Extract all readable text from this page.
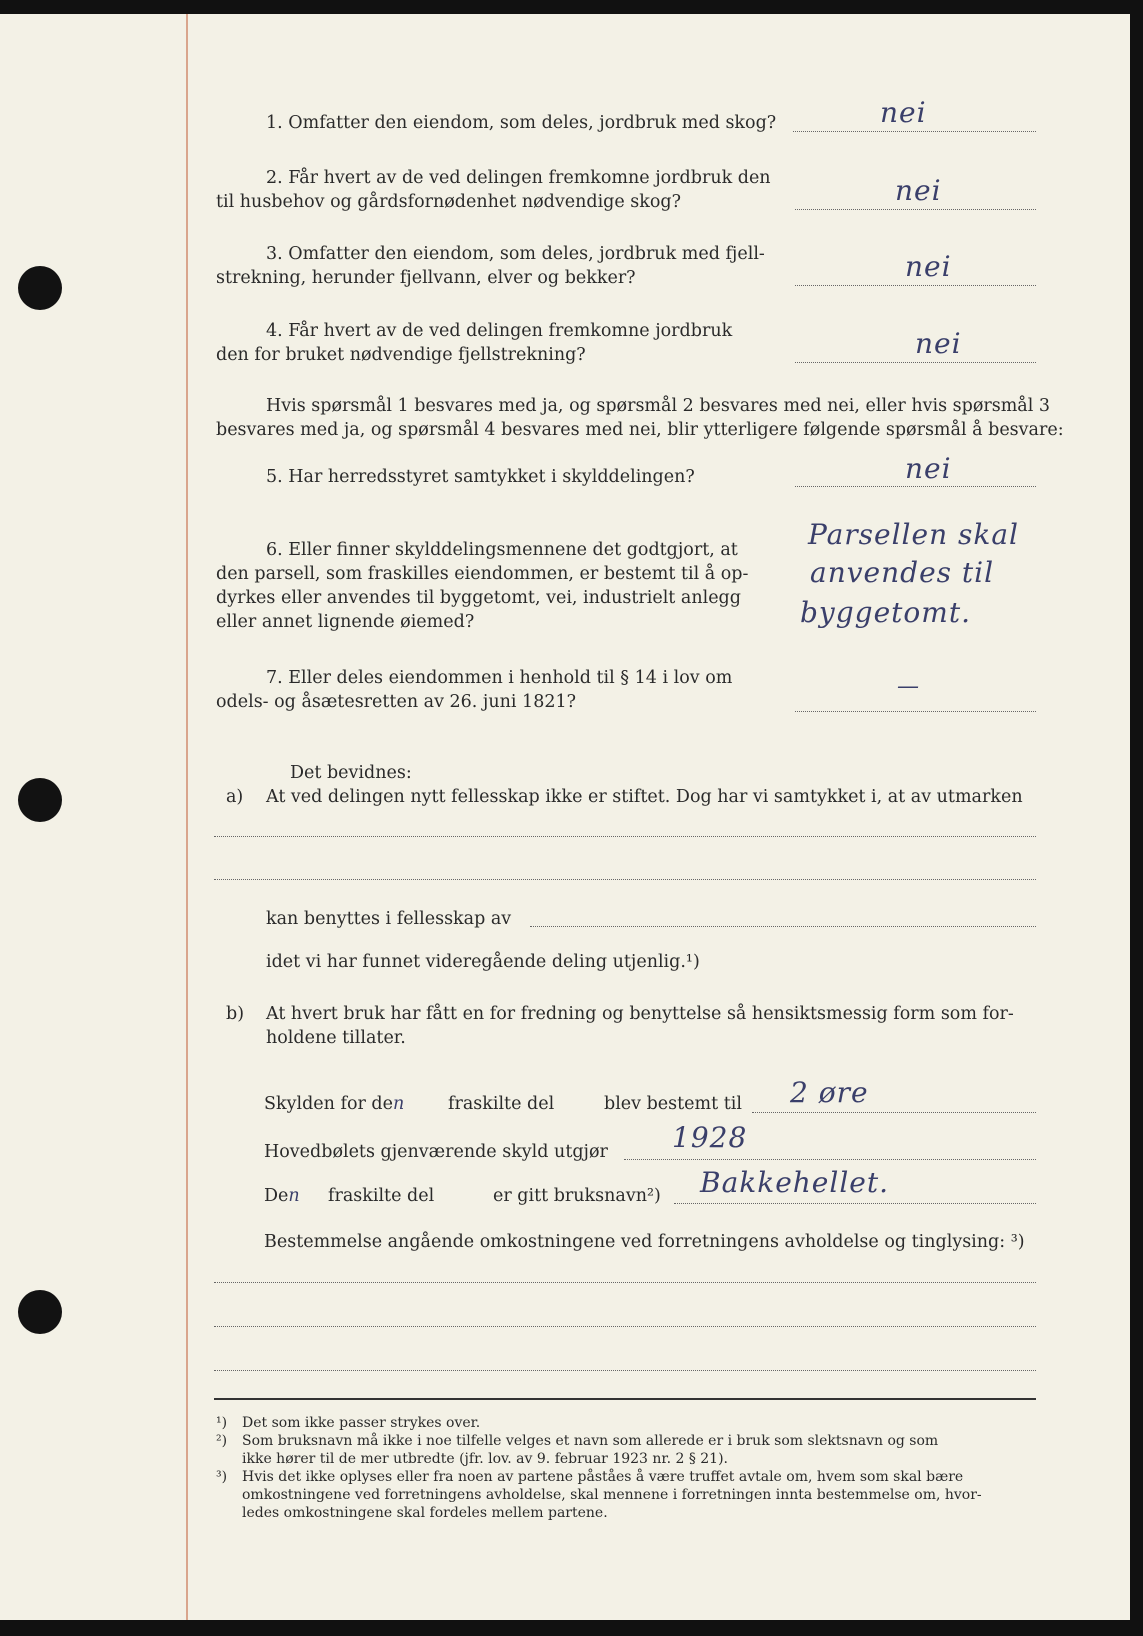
1. Omfatter den eiendom, som deles, jordbruk med skog?	nei
2. Får hvert av de ved delingen fremkomne jordbruk den
til husbehov og gårdsfornødenhet nødvendige skog?	nei
3. Omfatter den eiendom, som deles, jordbruk med fjell-
strekning, herunder fjellvann, elver og bekker?	nei
4. Får hvert av de ved delingen fremkomne jordbruk
den for bruket nødvendige fjellstrekning?	nei
Hvis spørsmål 1 besvares med ja, og spørsmål 2 besvares med nei, eller hvis spørsmål 3
besvares med ja, og spørsmål 4 besvares med nei, blir ytterligere følgende spørsmål å besvare:
5. Har herredsstyret samtykket i skylddelingen?	nei
6. Eller finner skylddelingsmennene det godtgjort, at
den parsell, som fraskilles eiendommen, er bestemt til å op-
dyrkes eller anvendes til byggetomt, vei, industrielt anlegg
eller annet lignende øiemed?
Parsellen skal
anvendes til
byggetomt.
7. Eller deles eiendommen i henhold til § 14 i lov om
odels- og åsætesretten av 26. juni 1821?
—
Det bevidnes:
a) At ved delingen nytt fellesskap ikke er stiftet. Dog har vi samtykket i, at av utmarken
kan benyttes i fellesskap av
idet vi har funnet videregående deling utjenlig.¹)
b) At hvert bruk har fått en for fredning og benyttelse så hensiktsmessig form som for-
holdene tillater.
Skylden for den	fraskilte del	blev bestemt til 2 øre
Hovedbølets gjenværende skyld utgjør 1928
Den fraskilte del	er gitt bruksnavn²) Bakkehellet.
Bestemmelse angående omkostningene ved forretningens avholdelse og tinglysing: ³)
¹) Det som ikke passer strykes over.
²) Som bruksnavn må ikke i noe tilfelle velges et navn som allerede er i bruk som slektsnavn og som
ikke hører til de mer utbredte (jfr. lov. av 9. februar 1923 nr. 2 § 21).
³) Hvis det ikke oplyses eller fra noen av partene påståes å være truffet avtale om, hvem som skal bære
omkostningene ved forretningens avholdelse, skal mennene i forretningen innta bestemmelse om, hvor-
ledes omkostningene skal fordeles mellem partene.
